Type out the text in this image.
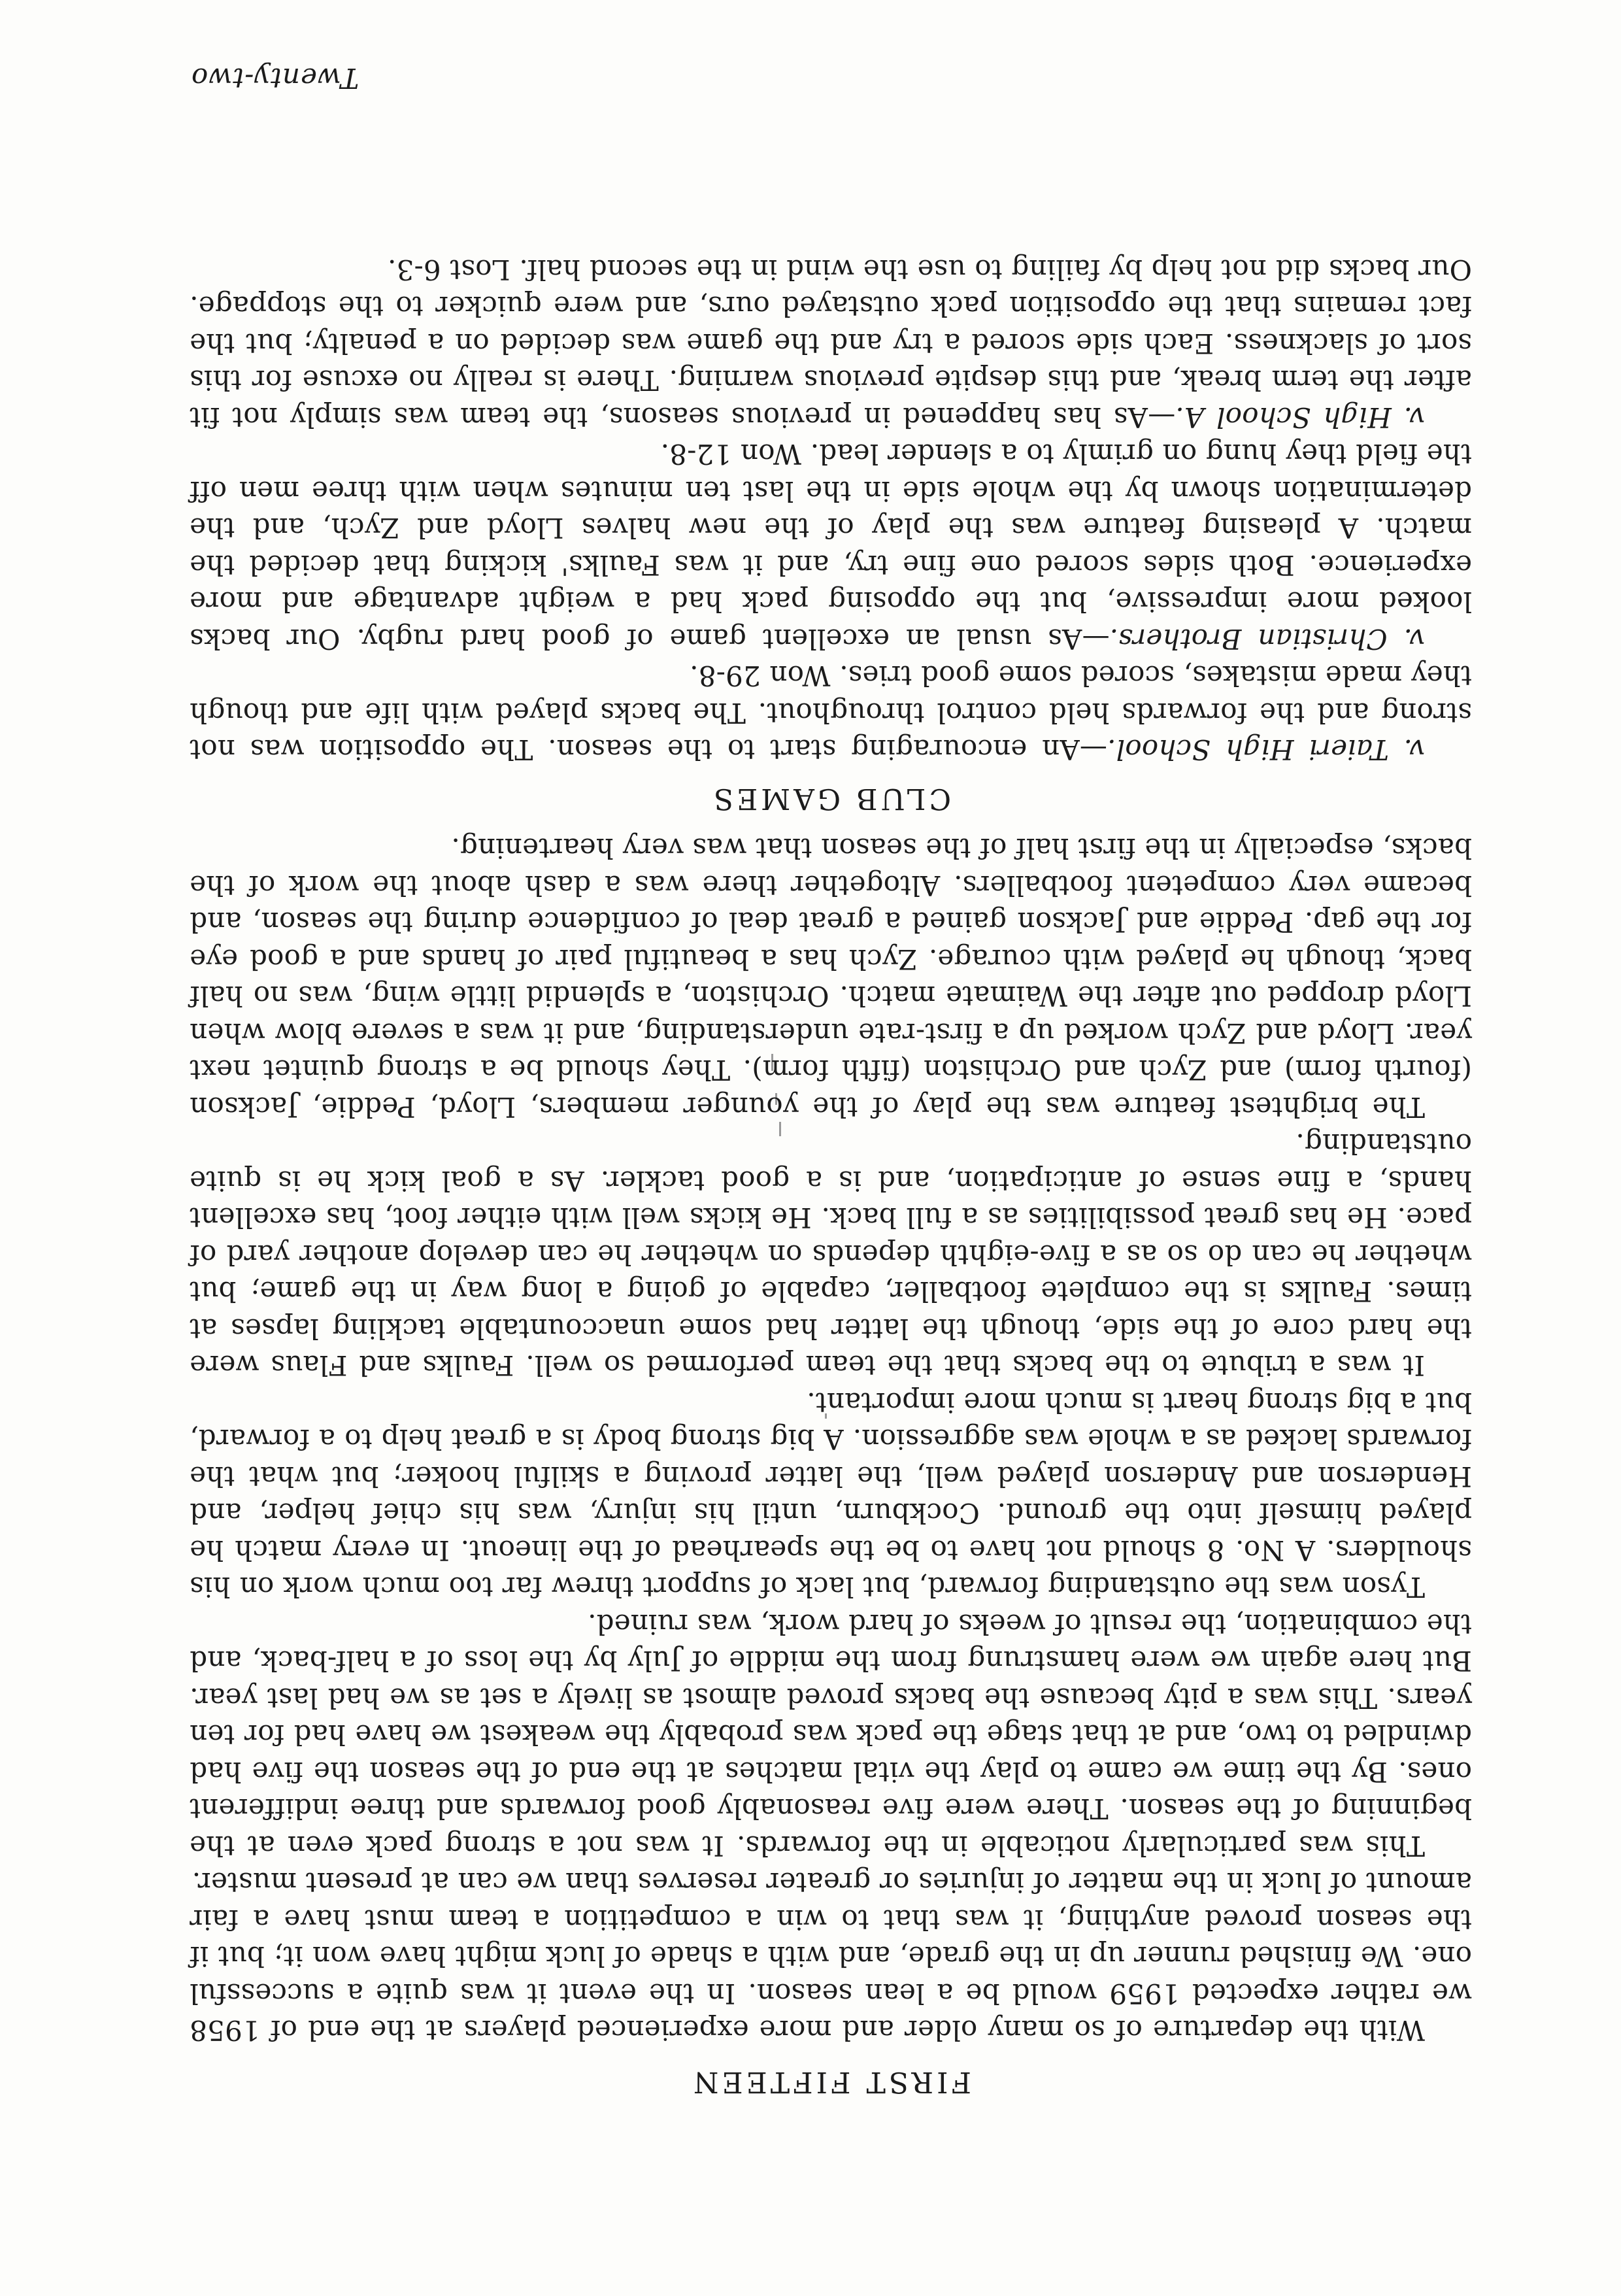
FIRST FIFTEEN

With the departure of so many older and more experienced players at the end of 1958 we rather expected 1959 would be a lean season. In the event it was quite a successful one. We finished runner up in the grade, and with a shade of luck might have won it; but if the season proved anything, it was that to win a competition a team must have a fair amount of luck in the matter of injuries or greater reserves than we can at present muster.

This was particularly noticable in the forwards. It was not a strong pack even at the beginning of the season. There were five reasonably good forwards and three indifferent ones. By the time we came to play the vital matches at the end of the season the five had dwindled to two, and at that stage the pack was probably the weakest we have had for ten years. This was a pity because the backs proved almost as lively a set as we had last year. But here again we were hamstrung from the middle of July by the loss of a half-back, and the combination, the result of weeks of hard work, was ruined.

Tyson was the outstanding forward, but lack of support threw far too much work on his shoulders. A No. 8 should not have to be the spearhead of the lineout. In every match he played himself into the ground. Cockburn, until his injury, was his chief helper, and Henderson and Anderson played well, the latter proving a skilful hooker; but what the forwards lacked as a whole was aggression. A big strong body is a great help to a forward, but a big strong heart is much more important.

It was a tribute to the backs that the team performed so well. Faulks and Flaus were the hard core of the side, though the latter had some unaccountable tackling lapses at times. Faulks is the complete footballer, capable of going a long way in the game; but whether he can do so as a five-eighth depends on whether he can develop another yard of pace. He has great possibilities as a full back. He kicks well with either foot, has excellent hands, a fine sense of anticipation, and is a good tackler. As a goal kick he is quite outstanding.

The brightest feature was the play of the younger members, Lloyd, Peddie, Jackson (fourth form) and Zych and Orchiston (fifth form). They should be a strong quintet next year. Lloyd and Zych worked up a first-rate understanding, and it was a severe blow when Lloyd dropped out after the Waimate match. Orchiston, a splendid little wing, was no half back, though he played with courage. Zych has a beautiful pair of hands and a good eye for the gap. Peddie and Jackson gained a great deal of confidence during the season, and became very competent footballers. Altogether there was a dash about the work of the backs, especially in the first half of the season that was very heartening.

CLUB GAMES

v. Taieri High School.—An encouraging start to the season. The opposition was not strong and the forwards held control throughout. The backs played with life and though they made mistakes, scored some good tries. Won 29-8.

v. Christian Brothers.—As usual an excellent game of good hard rugby. Our backs looked more impressive, but the opposing pack had a weight advantage and more experience. Both sides scored one fine try, and it was Faulks' kicking that decided the match. A pleasing feature was the play of the new halves Lloyd and Zych, and the determination shown by the whole side in the last ten minutes when with three men off the field they hung on grimly to a slender lead. Won 12-8.

v. High School A.—As has happened in previous seasons, the team was simply not fit after the term break, and this despite previous warning. There is really no excuse for this sort of slackness. Each side scored a try and the game was decided on a penalty; but the fact remains that the opposition pack outstayed ours, and were quicker to the stoppage. Our backs did not help by failing to use the wind in the second half. Lost 6-3.

Twenty-two
